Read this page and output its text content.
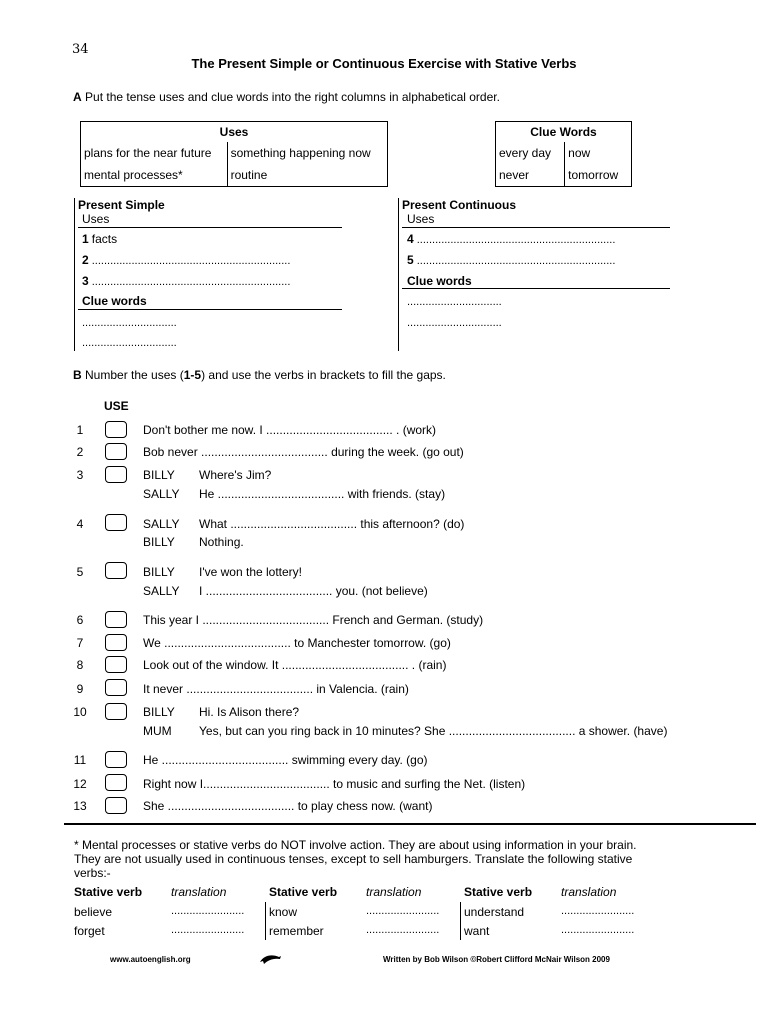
34
The Present Simple or Continuous Exercise with Stative Verbs
A Put the tense uses and clue words into the right columns in alphabetical order.
Uses	
plans for the near future	something happening now
mental processes*	routine
Clue Words	
every day	now
never	tomorrow
Present Simple
Uses
1 facts
2 .................................................................
3 .................................................................
Clue words
...............................
...............................
Present Continuous
Uses
4 .................................................................
5 .................................................................
Clue words
...............................
...............................
B Number the uses (1-5) and use the verbs in brackets to fill the gaps.
USE
1	Don't bother me now. I ...................................... . (work)
2	Bob never ...................................... during the week. (go out)
3	BILLY Where's Jim?
SALLY He ...................................... with friends. (stay)
4	SALLY What ...................................... this afternoon? (do)
BILLY Nothing.
5	BILLY I've won the lottery!
SALLY I ...................................... you. (not believe)
6	This year I ...................................... French and German. (study)
7	We ...................................... to Manchester tomorrow. (go)
8	Look out of the window. It ...................................... . (rain)
9	It never ...................................... in Valencia. (rain)
10	BILLY Hi. Is Alison there?
MUM Yes, but can you ring back in 10 minutes? She ...................................... a shower. (have)
11	He ...................................... swimming every day. (go)
12	Right now I...................................... to music and surfing the Net. (listen)
13	She ...................................... to play chess now. (want)
* Mental processes or stative verbs do NOT involve action. They are about using information in your brain. They are not usually used in continuous tenses, except to sell hamburgers. Translate the following stative verbs:-
Stative verb translation	Stative verb translation	Stative verb translation
believe	........................ know	........................ understand	........................
forget	........................ remember	........................ want	........................
www.autoenglish.org	Written by Bob Wilson ©Robert Clifford McNair Wilson 2009
